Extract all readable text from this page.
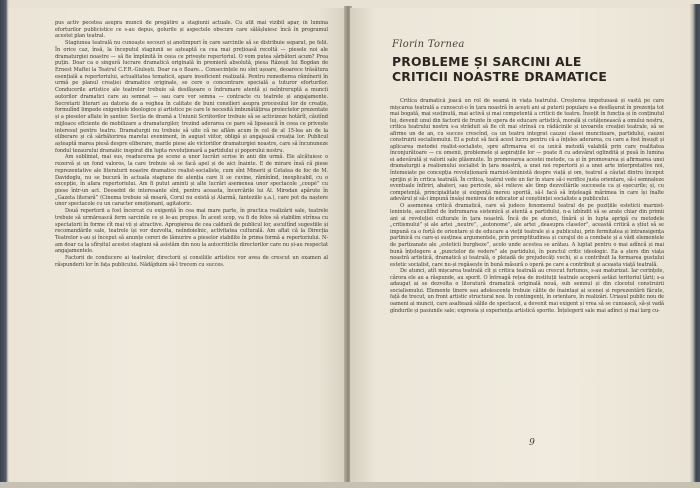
pus activ pecetea asupra muncii de pregătire a stagiunii actuale. Cu atît mai vizibil apar, în lumina eforturilor publicistice ce s-au depus, golurile și aspectele obscure care sălășluiesc încă în programul acestei plan teatral.

Stagiunea teatrală nu cunoaște secouri și anotimpuri în care sarcinile să se distribuie separat, pe felii. În orice caz, însă, la începutul stagiunii se așteaptă ca cea mai prețioasă recoltă — piesele noi ale dramaturgiei noastre — să fie împlinită în ceea ce privește repertoriul. O vom putea sărbători acum? Prea puțin. Doar ca o singură lucrare dramatică originală în premieră absolută, piesa Răzeșii lui Bogdan de Ernest Maftei la Teatrul C.F.R.-Giulești. Doar ca o floare... Consecințele nu sînt ușoare, deoarece trăsătura esențială a repertoriului, actualitatea tematicii, apare insuficient realizată. Pentru remedierea rămînerii în urmă pe planul creației dramatice originale, se cere o concentrare specială a tuturor eforturilor. Conducerile artistice ale teatrelor trebuie să desfășoare o îndrumare atentă și neîntreruptă a muncii autorilor dramatici care au semnat — sau care vor semna — contracte cu teatrele și angajamente. Secretarii literari au datoria de a veghea în calitate de buni consilieri asupra procesului lor de creație, formulînd limpede exigențele ideologice și artistice pe care le necesită îmbunătățirea proiectelor prezentate și a pieselor aflate în șantier. Secția de dramă a Uniunii Scriitorilor trebuie să se activizeze hotărît, căutînd mijloace eficiente de mobilizare a dramaturgilor, trezind aderarea ce pare să lipsească în ceea ce privește interesul pentru teatru. Dramaturgii nu trebuie să uite că ne aflăm acum în cel de al 15-lea an de la eliberare și că sărbătorirea marelui eveniment, în august viitor, obligă și angajează creația lor. Publicul așteaptă marea piesă despre eliberare, marile piese ale victoriilor dramaturgiei noastre, care să încununeze fondul tezaurului dramatic inspirat din lupta revoluționară a partidului și poporului nostru.

Am subliniat, mai sus, readucerea pe scene a unor lucrări scrise în anii din urmă. Ele alcătuiesc o rezervă și un fond valoros, la care trebuie să se facă apel și de aici înainte. E de mirare însă că piese reprezentative ale literaturii noastre dramatice realist-socialiste, cum sînt Minerii și Cetatea de foc de M. Davidoglu, nu se bucură în actuala stagiune de atenția care li se cuvine, rămînînd, inexplicabil, cu o excepție, în afara repertoriului. Am fi putut aminti și alte lucrări asemenea unor spectacole „coupé” cu piese într-un act. Deosebit de interesante sînt, pentru aceasta, încercările lui Al. Mirodan apărute în „Gazeta literară” (Cinema trebuie să moară, Corul nu există și Alarmă, fanteziile ș.a.), care pot da naștere unor spectacole cu un caracter emoționant, agitatoric.

Două repertorii a fost încercat cu exigență în cea mai mare parte, în practica realizării sale, teatrele trebuie să urmărească ferm sarcinile ce și le-au propus. În acest scop, va fi de folos să stabilim strînsa cu spectatorii în forme cît mai vii și atractive. Apropierea de cea caldură de publicul lor, ascultînd sugestiile și recomandările sale, teatrele își vor dezvolta, neîndoielnic, activitatea culturală. Am aflat că la Direcția Teatrelor s-au și început să anunțe cereri de lămurire a pieselor stabilite în prima formă a repertoriului. N-am doar ca la sfîrșitul acestei stagiuni să asistăm din nou la autocriticile directorilor care nu și-au respectat angajamentele.

Factorii de conducere ai teatrelor, directorii și consiliile artistice vor avea de crescut un examen al răspunderii lor în fața publicului. Nădăjduim să-l trecem cu succes.

Florin Tornea
PROBLEME ȘI SARCINI ALE
CRITICII NOASTRE DRAMATICE

Critica dramatică joacă un rol de seamă în viața teatrului. Creșterea impetuoasă și vastă pe care mișcarea teatrală a cunoscut-o în țara noastră în acești ani ai puterii populare s-a desfășurat în prezența tot mai bogată, mai susținută, mai activă și mai competentă a criticii de teatru. Însoțit în funcția și în conținutul lui, devenit unul din factorii de frunte în opera de educare artistică, morală și cetățenească a omului nostru, critica teatrului nostru s-a străduit să fie cît mai strînsă cu rădăcinile și izvoarele creației teatrale, să se afirme un de an, cu succes crescînd, ca un teatru integrat cauzei clasei muncitoare, partidului, cauzei construirii socialismului. El a putut să facă acest lucru pentru că a înțeles aderarea, cu care a fost însușit și aplicarea metodei realist-socialiste, spre afirmarea ei ca unică metodă valabilă prin care realitatea înconjurătoare — cu omenii, problemele și aspirațiile lor — poate fi cu adevărat oglindită și pusă în lumina ei adevărată și valorii sale plăsmuite. În promovarea acestei metode, ca și în promovarea și afirmarea unei dramaturgii a realismului socialist în țara noastră, a unei noi repertorii și a unei arte interpretative noi, întemeiate pe concepția revoluționară marxist-leninistă despre viață și om, teatrul a căutat dintru început sprijin și în critica teatrală. În critica, teatrul vede un far în stare să-i verifice justa orientare, să-i semnaleze eventuale înfiriri, abateri, sau pericole, să-i relieve ale tîmp dezvoltările succesele ca și eșecurile; și, cu competență, principialitate și exigență mereu sporită, să-l facă să înțeleagă mărimea în care își înalte adevărul și să-i impună însăși menirea de educator al conștiinței socialiste a publicului.

O asemenea critică dramatică, care să judece fenomenul teatral de pe pozițiile esteticii marxist-leniniste, ascultînd de îndrumarea sistemică și atentă a partidului, n-a izbîndit să se arate chiar din primii ani ai revoluției culturale în țara noastră. Încă de pe atunci, tînără și în lupta aprigă cu metodele „critismului” și ale artei „neutre”, „autonome”, ale artei „deasupra claselor”, această critică a știut să se impună ca o forță de orientare și de educare a vieții teatrale și a publicului, prin fermitatea și intransigența partinică cu care-și susținea argumentele, prin promptitudinea și curajul de a combate și a vădi elementele de partizanate ale „esteticii burgheze”, acolo unde acestea se arătau. A luptat pentru o mai adîncă și mai bună înțelegere a „punctelor de vedere” ale partidului, în punctul critic ideologic. Ea a șters din viața noastră artistică, dramatică și teatrală, o pleiadă de prejudecăți vechi, și a contribuit la formarea gustului estetic socialist, care nu-și regăsește în bună măsură o operă pe care a contribuit și aceasta viață teatrală.

De atunci, atît mișcarea teatrală cît și critica teatrală au crescut furtunos, s-au maturizat. Iar cerințele, cărora ele au a răspunde, au sporit. O întreagă rețea de instituții teatrale acoperă astăzi teritoriul țării; s-a adaugat ai se dezvolta o literatură dramatică originală nouă, sub semnul și din clocotul construirii socialismului. Elemente tinere sau adolescente trebuie călite de înaintași ai scenei și reprezentării făcute, față de trecut, un front artistic structural nou. În contingenți, în orientare, în realizări. Uriașul public nou de oameni ai muncii, care asaltează sălile de spectacol, a devenit mai exigent și vrea să se cunoască, să-și vadă gîndurile și pasiunile sale; expresia și experiența artistică sporite. Înțelegerii sale mai adînci și mai larg cu-

9
